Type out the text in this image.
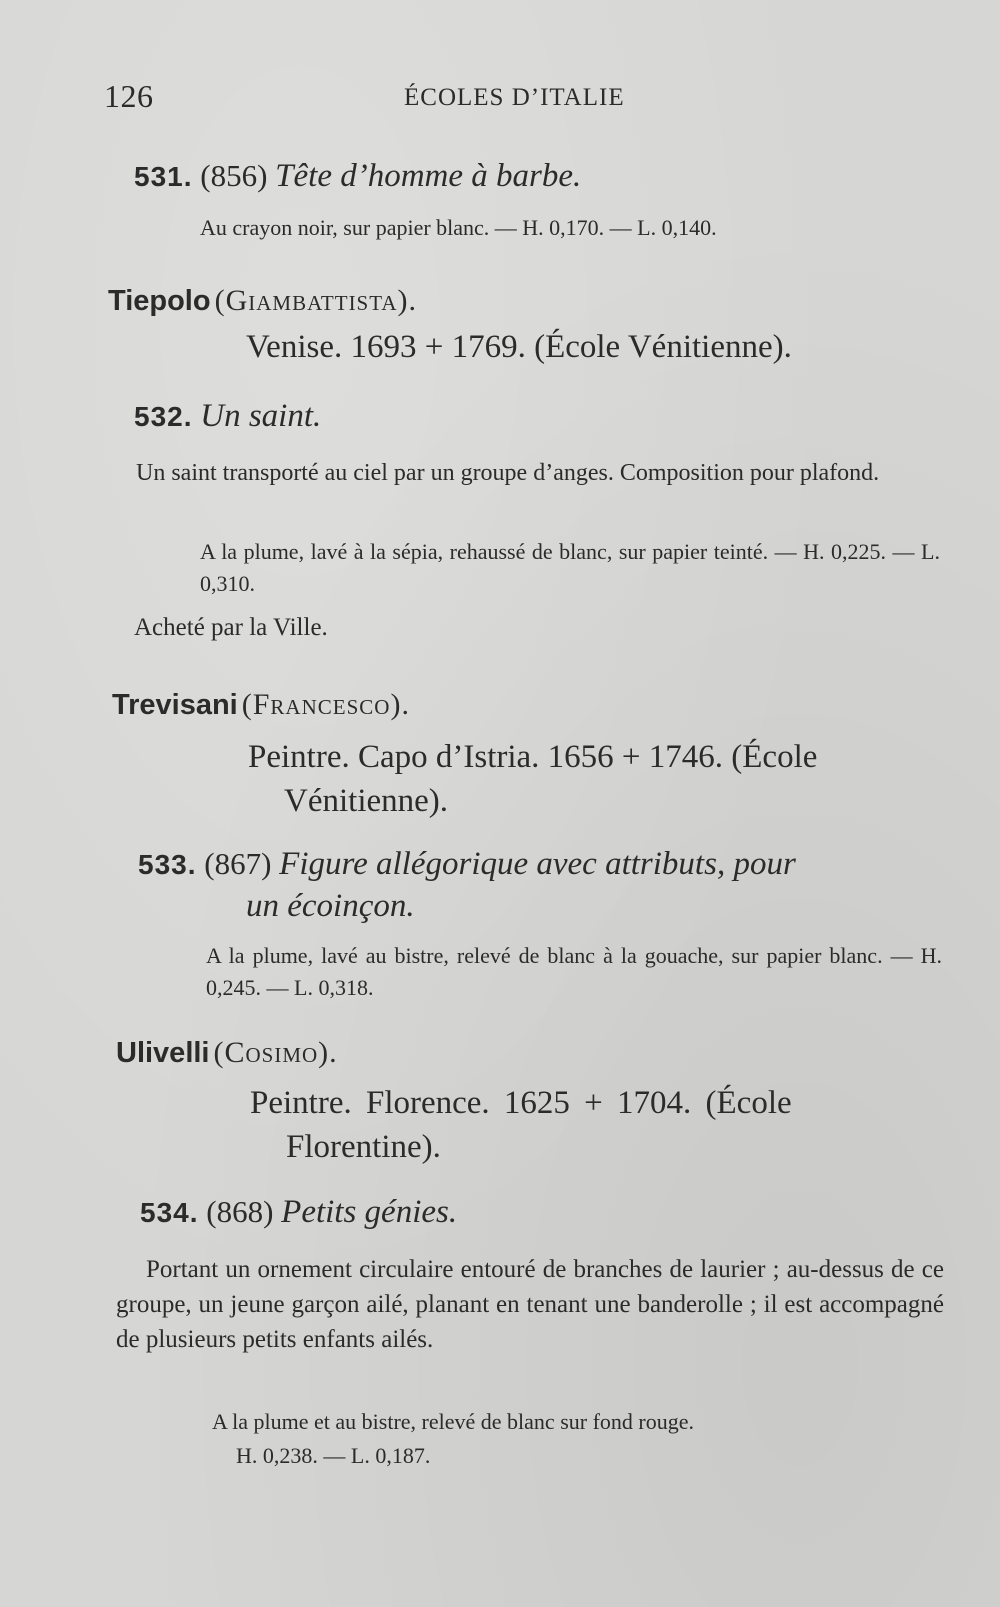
126	ÉCOLES D’ITALIE
531. (856) Tête d’homme à barbe.
Au crayon noir, sur papier blanc. — H. 0,170. — L. 0,140.
Tiepolo (Giambattista).
Venise. 1693 + 1769. (École Vénitienne).
532. Un saint.
Un saint transporté au ciel par un groupe d’anges. Composition pour plafond.
A la plume, lavé à la sépia, rehaussé de blanc, sur papier teinté. — H. 0,225. — L. 0,310.
Acheté par la Ville.
Trevisani (Francesco).
Peintre. Capo d’Istria. 1656 + 1746. (École
Vénitienne).
533. (867) Figure allégorique avec attributs, pour
un écoinçon.
A la plume, lavé au bistre, relevé de blanc à la gouache, sur papier blanc. — H. 0,245. — L. 0,318.
Ulivelli (Cosimo).
Peintre. Florence. 1625 + 1704. (École
Florentine).
534. (868) Petits génies.
Portant un ornement circulaire entouré de branches de laurier ; au-dessus de ce groupe, un jeune garçon ailé, planant en tenant une banderolle ; il est accompagné de plusieurs petits enfants ailés.
A la plume et au bistre, relevé de blanc sur fond rouge.
H. 0,238. — L. 0,187.
